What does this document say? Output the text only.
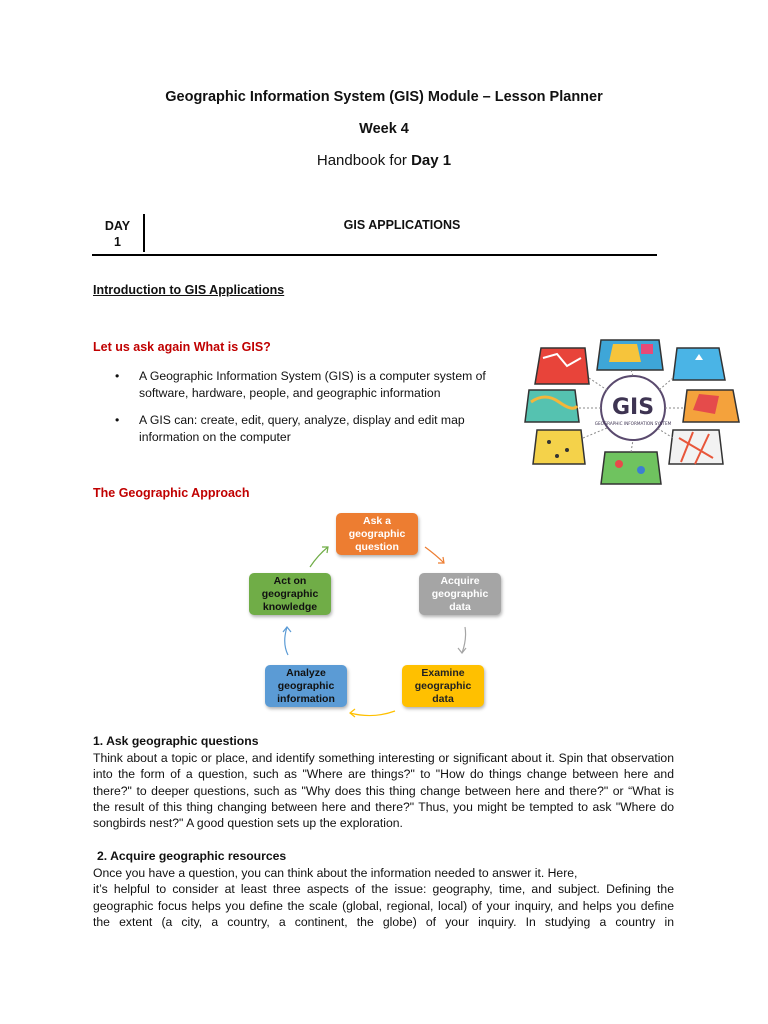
Geographic Information System (GIS) Module – Lesson Planner
Week 4
Handbook for Day 1
DAY
1
GIS APPLICATIONS
Introduction to GIS Applications
Let us ask again What is GIS?
• A Geographic Information System (GIS) is a computer system of software, hardware, people, and geographic information
• A GIS can: create, edit, query, analyze, display and edit map information on the computer
GIS
GEOGRAPHIC INFORMATION SYSTEM
The Geographic Approach
Ask a geographic question
Acquire geographic data
Examine geographic data
Analyze geographic information
Act on geographic knowledge
1. Ask geographic questions
Think about a topic or place, and identify something interesting or significant about it. Spin that observation into the form of a question, such as "Where are things?" to "How do things change between here and there?" to deeper questions, such as "Why does this thing change between here and there?" or “What is the result of this thing changing between here and there?" Thus, you might be tempted to ask "Where do songbirds nest?" A good question sets up the exploration.
2. Acquire geographic resources
Once you have a question, you can think about the information needed to answer it. Here,
it’s helpful to consider at least three aspects of the issue: geography, time, and subject. Defining the geographic focus helps you define the scale (global, regional, local) of your inquiry, and helps you define the extent (a city, a country, a continent, the globe) of your inquiry. In studying a country in
